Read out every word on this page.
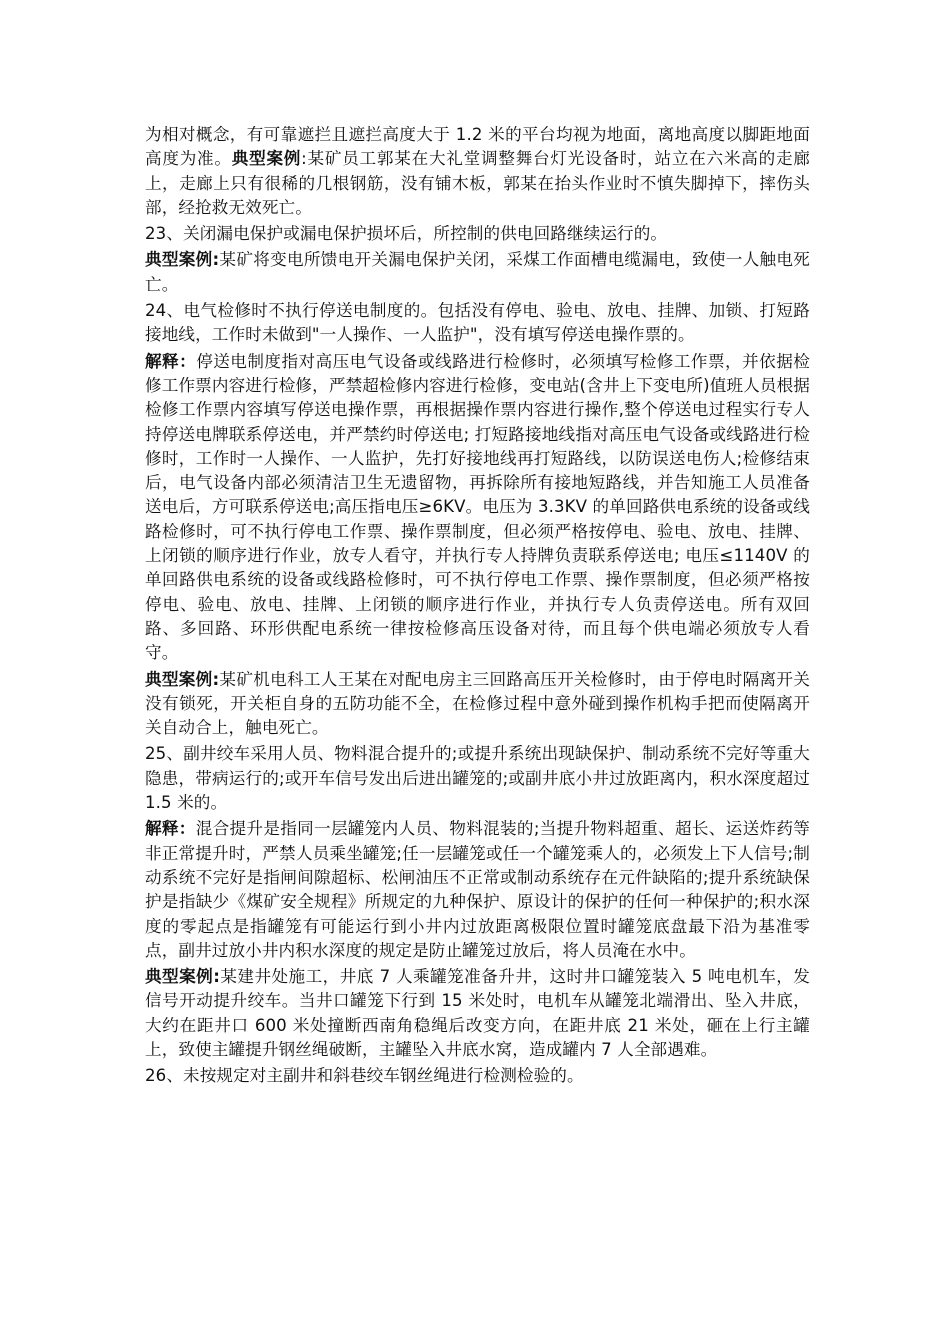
为相对概念，有可靠遮拦且遮拦高度大于 1.2 米的平台均视为地面，离地高度以脚距地面高度为准。典型案例:某矿员工郭某在大礼堂调整舞台灯光设备时，站立在六米高的走廊上，走廊上只有很稀的几根钢筋，没有铺木板，郭某在抬头作业时不慎失脚掉下，摔伤头部，经抢救无效死亡。

23、关闭漏电保护或漏电保护损坏后，所控制的供电回路继续运行的。

典型案例:某矿将变电所馈电开关漏电保护关闭，采煤工作面槽电缆漏电，致使一人触电死亡。

24、电气检修时不执行停送电制度的。包括没有停电、验电、放电、挂牌、加锁、打短路接地线，工作时未做到"一人操作、一人监护"，没有填写停送电操作票的。

解释：停送电制度指对高压电气设备或线路进行检修时，必须填写检修工作票，并依据检修工作票内容进行检修，严禁超检修内容进行检修，变电站(含井上下变电所)值班人员根据检修工作票内容填写停送电操作票，再根据操作票内容进行操作,整个停送电过程实行专人持停送电牌联系停送电，并严禁约时停送电; 打短路接地线指对高压电气设备或线路进行检修时，工作时一人操作、一人监护，先打好接地线再打短路线，以防误送电伤人;检修结束后，电气设备内部必须清洁卫生无遗留物，再拆除所有接地短路线，并告知施工人员准备送电后，方可联系停送电;高压指电压≥6KV。电压为 3.3KV 的单回路供电系统的设备或线路检修时，可不执行停电工作票、操作票制度，但必须严格按停电、验电、放电、挂牌、上闭锁的顺序进行作业，放专人看守，并执行专人持牌负责联系停送电; 电压≤1140V 的单回路供电系统的设备或线路检修时，可不执行停电工作票、操作票制度，但必须严格按停电、验电、放电、挂牌、上闭锁的顺序进行作业，并执行专人负责停送电。所有双回路、多回路、环形供配电系统一律按检修高压设备对待，而且每个供电端必须放专人看守。

典型案例:某矿机电科工人王某在对配电房主三回路高压开关检修时，由于停电时隔离开关没有锁死，开关柜自身的五防功能不全，在检修过程中意外碰到操作机构手把而使隔离开关自动合上，触电死亡。

25、副井绞车采用人员、物料混合提升的;或提升系统出现缺保护、制动系统不完好等重大隐患，带病运行的;或开车信号发出后进出罐笼的;或副井底小井过放距离内，积水深度超过 1.5 米的。

解释：混合提升是指同一层罐笼内人员、物料混装的;当提升物料超重、超长、运送炸药等非正常提升时，严禁人员乘坐罐笼;任一层罐笼或任一个罐笼乘人的，必须发上下人信号;制动系统不完好是指闸间隙超标、松闸油压不正常或制动系统存在元件缺陷的;提升系统缺保护是指缺少《煤矿安全规程》所规定的九种保护、原设计的保护的任何一种保护的;积水深度的零起点是指罐笼有可能运行到小井内过放距离极限位置时罐笼底盘最下沿为基准零点，副井过放小井内积水深度的规定是防止罐笼过放后，将人员淹在水中。

典型案例:某建井处施工，井底 7 人乘罐笼准备升井，这时井口罐笼装入 5 吨电机车，发信号开动提升绞车。当井口罐笼下行到 15 米处时，电机车从罐笼北端滑出、坠入井底，大约在距井口 600 米处撞断西南角稳绳后改变方向，在距井底 21 米处，砸在上行主罐上，致使主罐提升钢丝绳破断，主罐坠入井底水窝，造成罐内 7 人全部遇难。

26、未按规定对主副井和斜巷绞车钢丝绳进行检测检验的。
